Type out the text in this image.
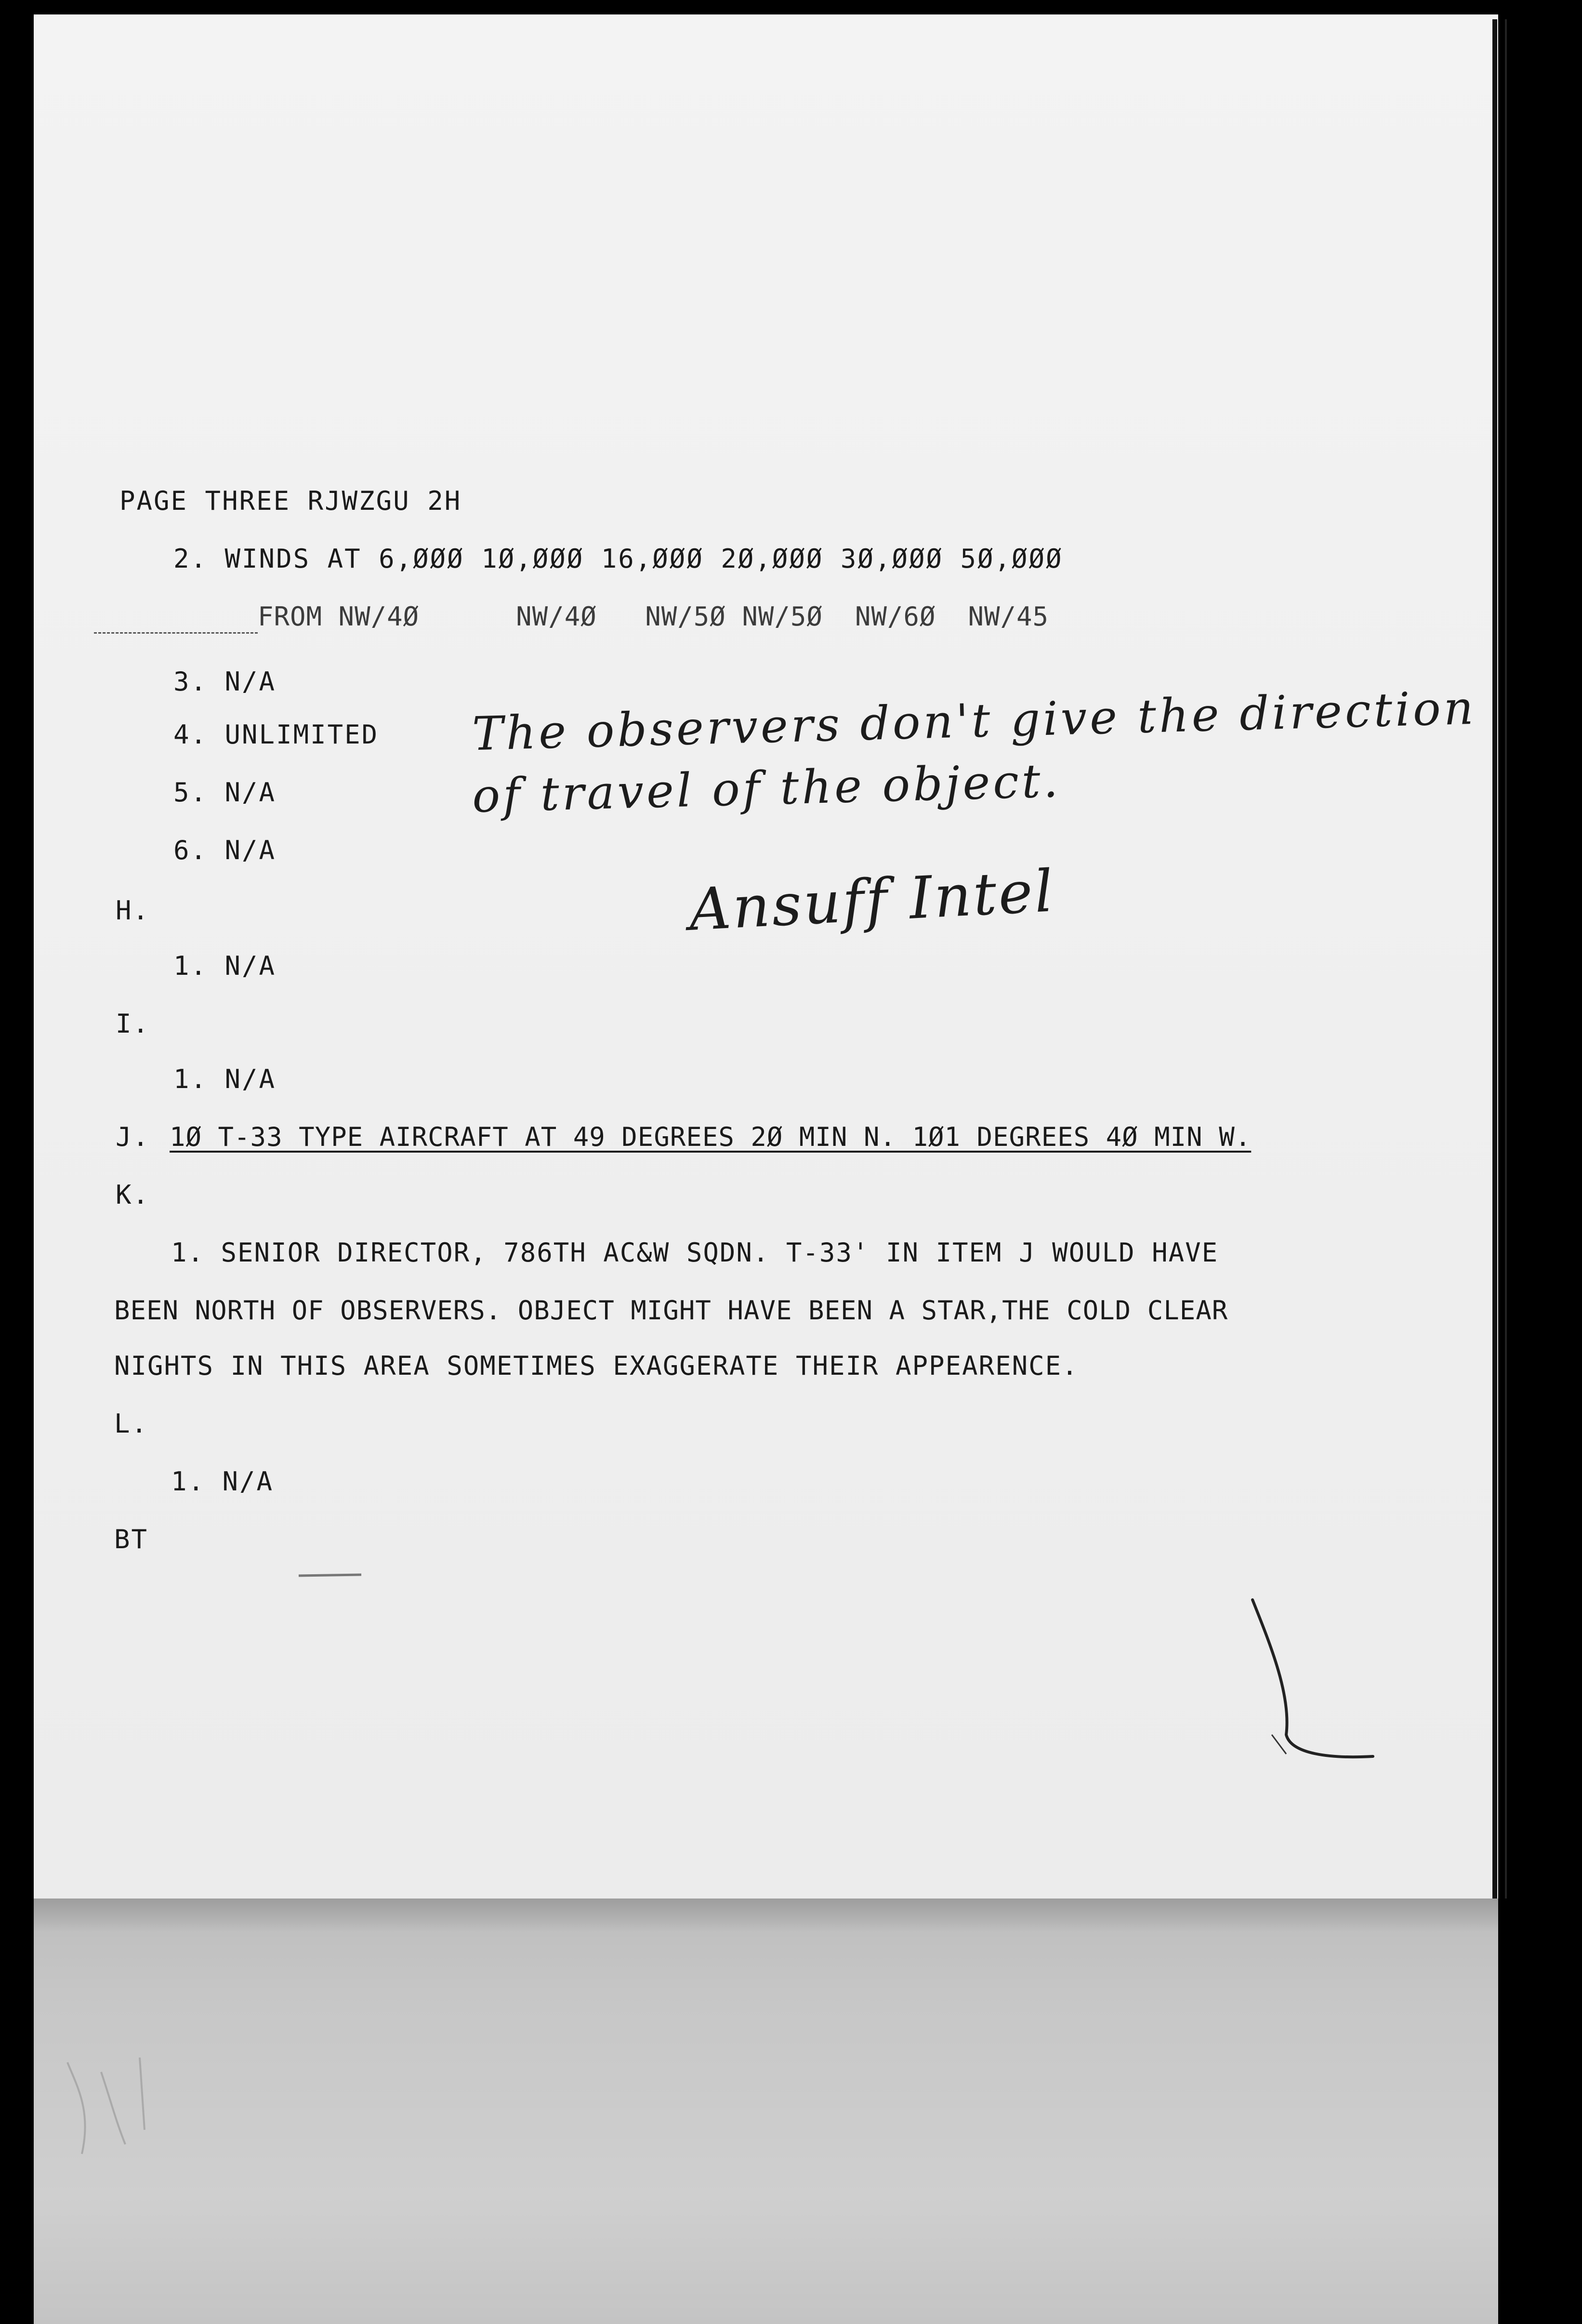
PAGE THREE RJWZGU 2H
2. WINDS AT 6,ØØØ 1Ø,ØØØ 16,ØØØ 2Ø,ØØØ 3Ø,ØØØ 5Ø,ØØØ
FROM NW/4Ø      NW/4Ø   NW/5Ø NW/5Ø  NW/6Ø  NW/45
3. N/A
4. UNLIMITED
5. N/A
6. N/A
H.
1. N/A
I.
1. N/A
J. 1Ø T-33 TYPE AIRCRAFT AT 49 DEGREES 2Ø MIN N. 1Ø1 DEGREES 4Ø MIN W.
K.
1. SENIOR DIRECTOR, 786TH AC&W SQDN. T-33' IN ITEM J WOULD HAVE
BEEN NORTH OF OBSERVERS. OBJECT MIGHT HAVE BEEN A STAR,THE COLD CLEAR
NIGHTS IN THIS AREA SOMETIMES EXAGGERATE THEIR APPEARENCE.
L.
1. N/A
BT
The observers don't give the direction
of travel of the object.
Ansuff Intel
